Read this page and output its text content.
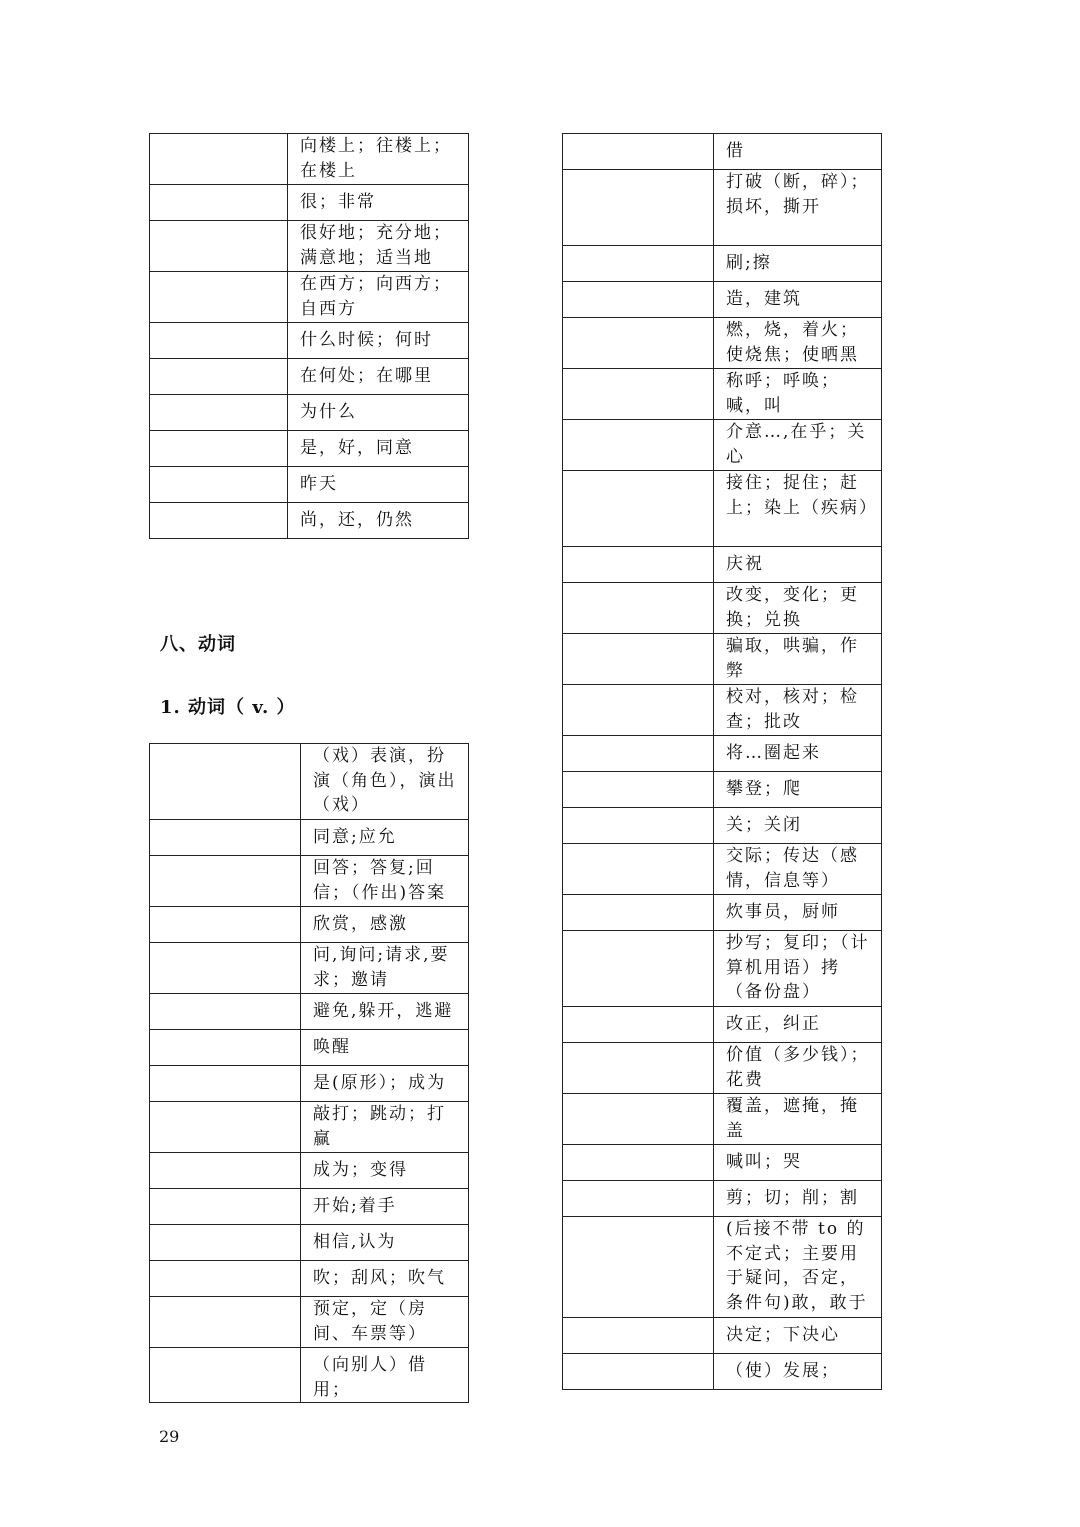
	向楼上；往楼上；在楼上
	很；非常
	很好地；充分地；满意地；适当地
	在西方；向西方；自西方
	什么时候；何时
	在何处；在哪里
	为什么
	是，好，同意
	昨天
	尚，还，仍然
八、动词
1. 动词（ v. ）
	（戏）表演，扮演（角色），演出（戏）
	同意;应允
	回答；答复;回信；（作出)答案
	欣赏，感激
	问,询问;请求,要求；邀请
	避免,躲开，逃避
	唤醒
	是(原形）；成为
	敲打；跳动；打赢
	成为；变得
	开始;着手
	相信,认为
	吹；刮风；吹气
	预定，定（房间、车票等）
	（向别人）借用；
	借
	打破（断，碎）；损坏，撕开
	刷;擦
	造，建筑
	燃，烧，着火；使烧焦；使晒黑
	称呼；呼唤；喊，叫
	介意…,在乎；关心
	接住；捉住；赶上；染上（疾病）
	庆祝
	改变，变化；更换；兑换
	骗取，哄骗，作弊
	校对，核对；检查；批改
	将…圈起来
	攀登；爬
	关；关闭
	交际；传达（感情，信息等）
	炊事员，厨师
	抄写；复印；（计算机用语）拷（备份盘）
	改正，纠正
	价值（多少钱）；花费
	覆盖，遮掩，掩盖
	喊叫；哭
	剪；切；削；割
	(后接不带 to 的不定式；主要用于疑问，否定，条件句)敢，敢于
	决定；下决心
	（使）发展；
29
